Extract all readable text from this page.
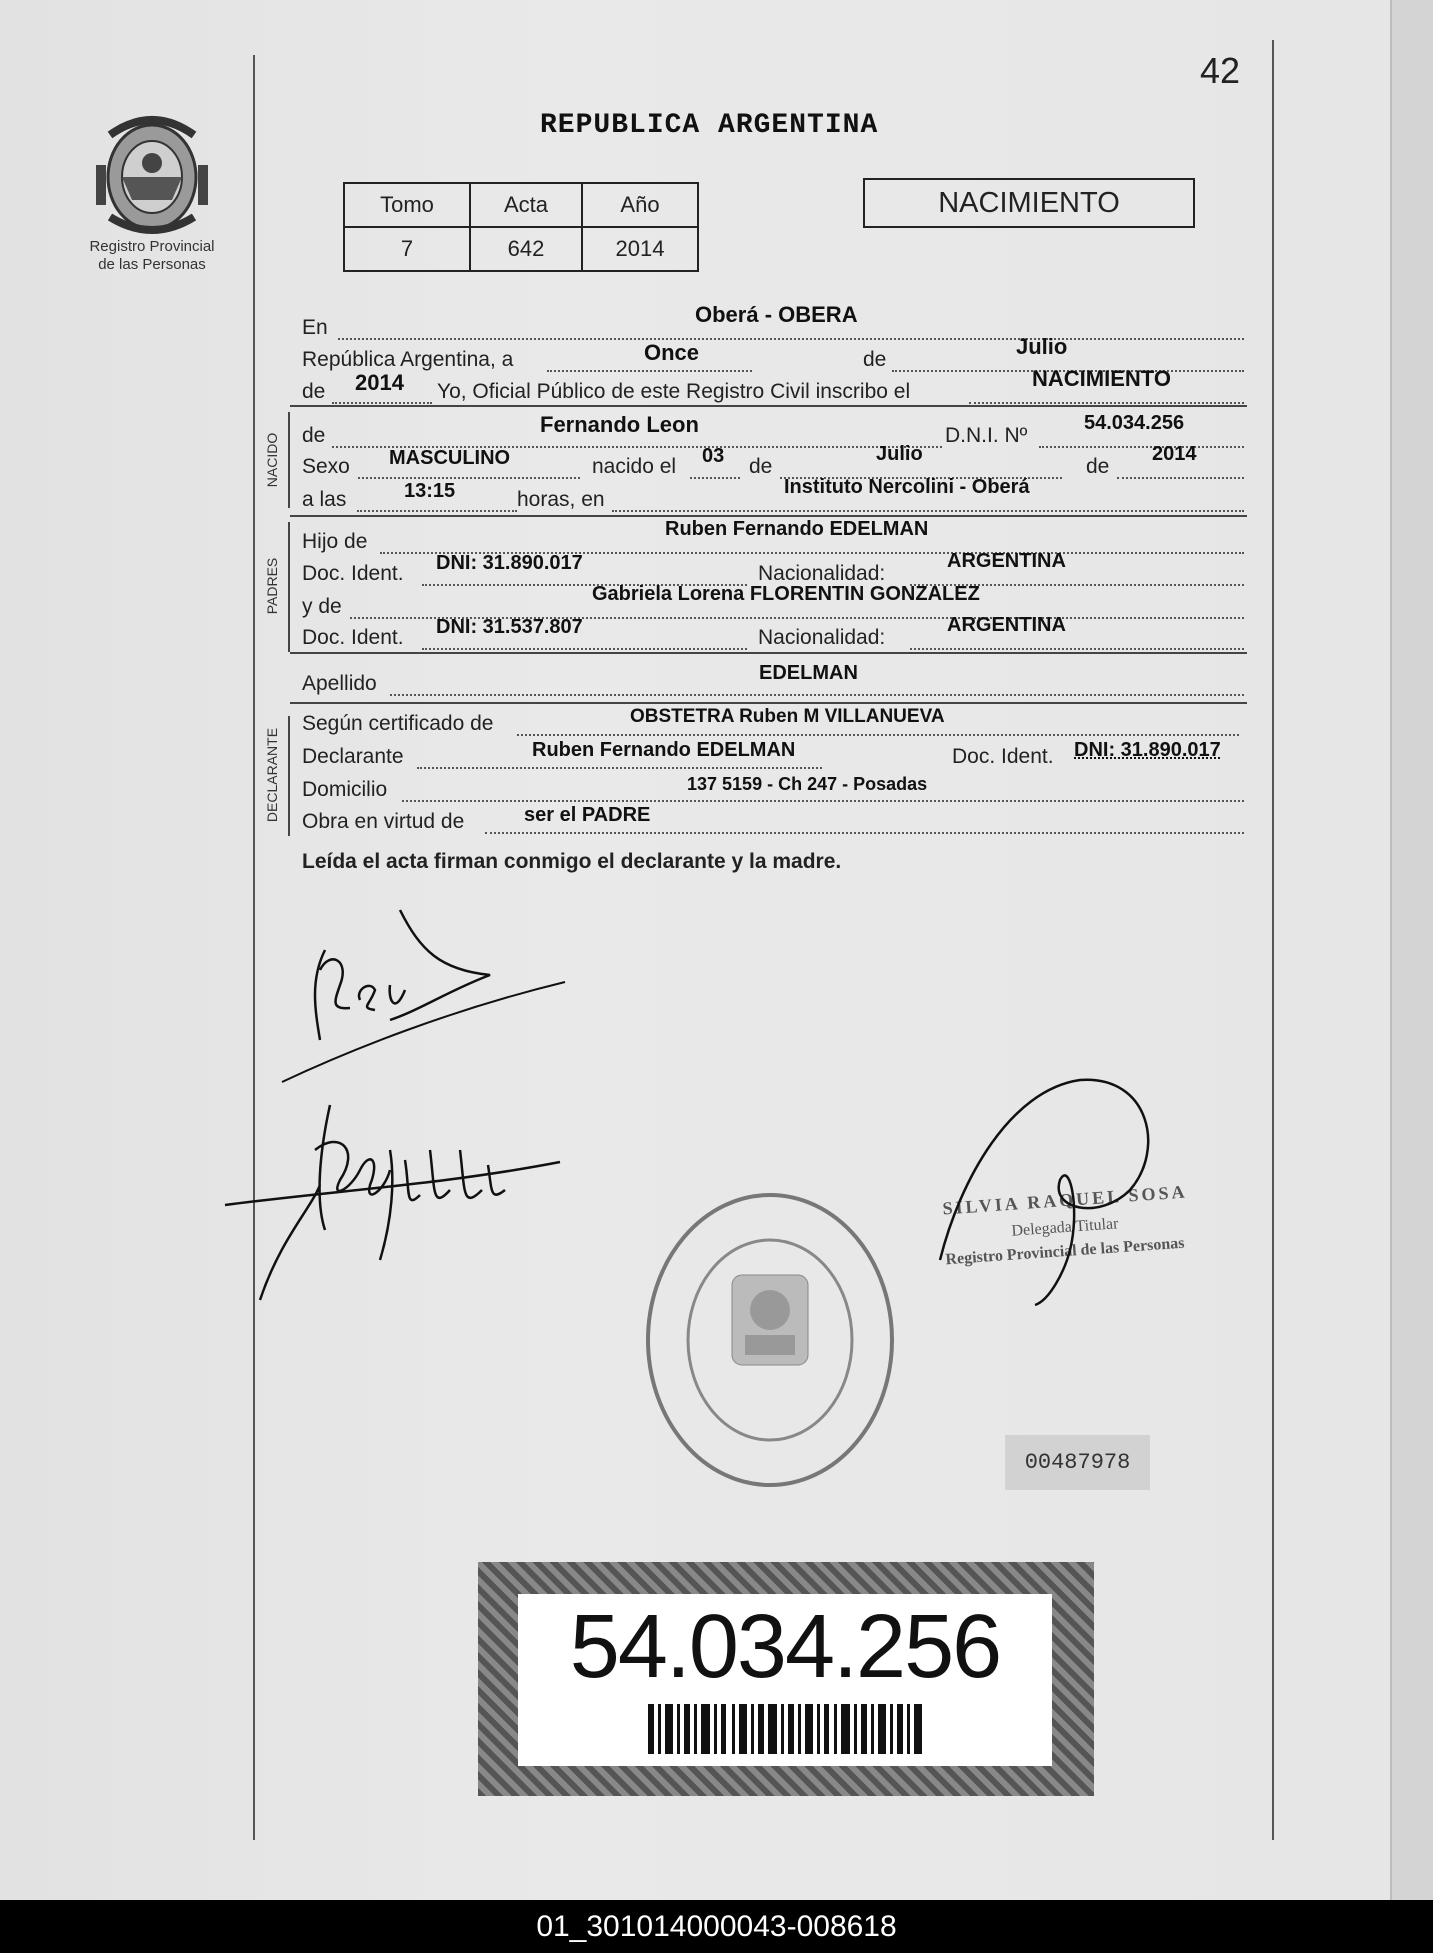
Registro Provincial
de las Personas
42
REPUBLICA ARGENTINA
Tomo	Acta	Año
7	642	2014
NACIMIENTO
En
Oberá - OBERA
República Argentina, a	Once	de
Julio
de 2014 Yo, Oficial Público de este Registro Civil inscribo el
NACIMIENTO
NACIDO de	Fernando Leon	D.N.I. Nº
54.034.256
Sexo MASCULINO	nacido el 03 de
Julio
de
2014
a las	13:15	horas, en
Instituto Nercolini - Oberá
PADRES
Hijo de
Ruben Fernando EDELMAN
Doc. Ident. DNI: 31.890.017	Nacionalidad:
ARGENTINA
y de
Gabriela Lorena FLORENTIN GONZALEZ
Doc. Ident. DNI: 31.537.807	Nacionalidad:
ARGENTINA
Apellido	EDELMAN
DECLARANTE
Según certificado de	OBSTETRA Ruben M VILLANUEVA
Declarante	Ruben Fernando EDELMAN	Doc. Ident. DNI: 31.890.017
Domicilio	137 5159 - Ch 247 - Posadas
Obra en virtud de	ser el PADRE
Leída el acta firman conmigo el declarante y la madre.
SILVIA RAQUEL SOSA
Delegada Titular
Registro Provincial de las Personas
00487978
54.034.256
01_301014000043-008618
